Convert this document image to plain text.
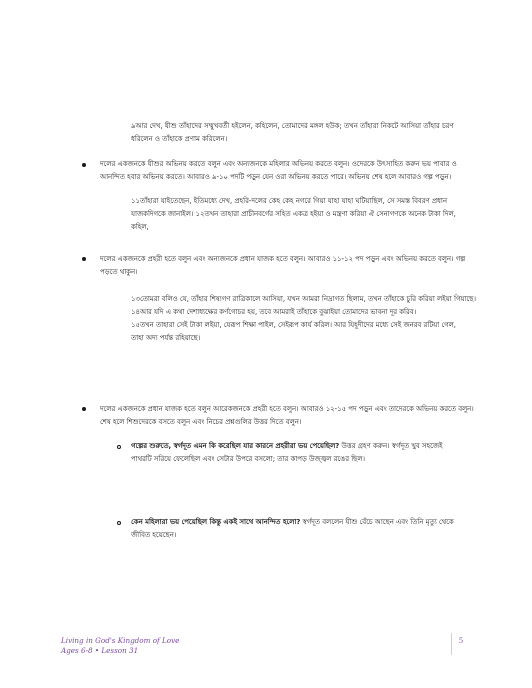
৯আর দেখ, যীশু তাঁহাদের সম্মুখবর্তী হইলেন, কহিলেন, তোমাদের মঙ্গল হউক; তখন তাঁহারা নিকটে আসিয়া তাঁহার চরণ
ধরিলেন ও তাঁহাকে প্রণাম করিলেন।
দলের একজনকে যীশুর অভিনয় করতে বলুন এবং অন্যজনকে মহিলার অভিনয় করতে বলুন। ওদেরকে উৎসাহিত করুন ভয় পাবার ও
আনন্দিত হবার অভিনয় করতে। আবারও ৯-১০ পদটি পড়ুন যেন ওরা অভিনয় করতে পারে। অভিনয় শেষ হলে আবারও গল্প পড়ুন।
১১তাঁহারা যাইতেছেন, ইতিমধ্যে দেখ, প্রহরি-দলের কেহ কেহ নগরে গিয়া যাহা যাহা ঘটিয়াছিল, সে সমস্ত বিবরণ প্রধান
যাজকদিগকে জানাইল। ১২তখন তাহারা প্রাচীনবর্গের সহিত একত্র হইয়া ও মন্ত্রণা করিয়া ঐ সেনাগণকে অনেক টাকা দিল,
কহিল,
দলের একজনকে প্রহরী হতে বলুন এবং অন্যজনকে প্রধান যাজক হতে বলুন। আবারও ১১-১২ পদ পড়ুন এবং অভিনয় করতে বলুন। গল্প
পড়তে থাকুন।
১৩তোমরা বলিও যে, তাঁহার শিষ্যগণ রাত্রিকালে আসিয়া, যখন আমরা নিদ্রাগত ছিলাম, তখন তাঁহাকে চুরি করিয়া লইয়া গিয়াছে।
১৪আর যদি এ কথা দেশাধ্যক্ষের কর্ণগোচর হয়, তবে আমরাই তাঁহাকে বুঝাইয়া তোমাদের ভাবনা দূর করিব।
১৫তখন তাহারা সেই টাকা লইয়া, যেরূপ শিক্ষা পাইল, সেইরূপ কার্য করিল। আর যিহূদীদের মধ্যে সেই জনরব রটিয়া গেল,
তাহা অদ্য পর্যন্ত রহিয়াছে।
দলের একজনকে প্রধান যাজক হতে বলুন আরেকজনকে প্রহরী হতে বলুন। আবারও ১২-১৫ পদ পড়ুন এবং তাদেরকে অভিনয় করতে বলুন।
শেষ হলে শিশুদেরকে বসতে বলুন এবং নিচের প্রশ্নগুলির উত্তর দিতে বলুন।
গল্পের শুরুতে, স্বর্গদূত এমন কি করেছিল যার কারনে প্রহরীরা ভয় পেয়েছিল? উত্তর গ্রহণ করুন। স্বর্গদূত খুব সহজেই
পাথরটি সরিয়ে ফেলেছিল এবং সেটার উপরে বসলো; তার কাপড় উজ্জ্বল রঙের ছিল।
কেন মহিলারা ভয় পেয়েছিল কিন্তু একই সাথে আনন্দিত হলো? স্বর্গদূত বললেন যীশু বেঁচে আছেন এবং তিনি মৃত্যু থেকে
জীবিত হয়েছেন।
Living in God's Kingdom of Love
Ages 6-8 • Lesson 31
5
